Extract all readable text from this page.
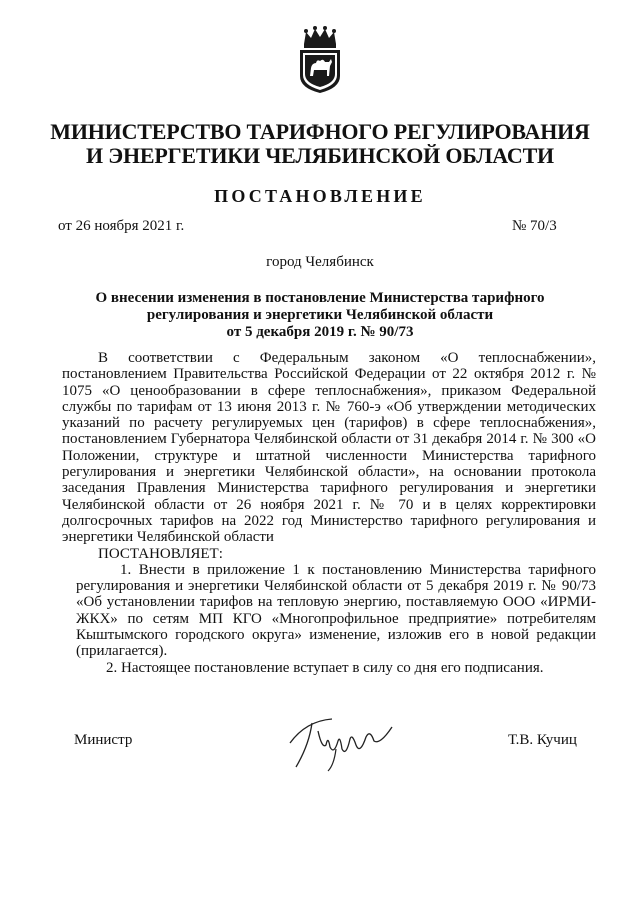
МИНИСТЕРСТВО ТАРИФНОГО РЕГУЛИРОВАНИЯ
И ЭНЕРГЕТИКИ ЧЕЛЯБИНСКОЙ ОБЛАСТИ
ПОСТАНОВЛЕНИЕ
от 26 ноября 2021 г.	№ 70/3
город Челябинск
О внесении изменения в постановление Министерства тарифного
регулирования и энергетики Челябинской области
от 5 декабря 2019 г. № 90/73

В соответствии с Федеральным законом «О теплоснабжении», постановлением Правительства Российской Федерации от 22 октября 2012 г. № 1075 «О ценообразовании в сфере теплоснабжения», приказом Федеральной службы по тарифам от 13 июня 2013 г. № 760-э «Об утверждении методических указаний по расчету регулируемых цен (тарифов) в сфере теплоснабжения», постановлением Губернатора Челябинской области от 31 декабря 2014 г. № 300 «О Положении, структуре и штатной численности Министерства тарифного регулирования и энергетики Челябинской области», на основании протокола заседания Правления Министерства тарифного регулирования и энергетики Челябинской области от 26 ноября 2021 г. № 70 и в целях корректировки долгосрочных тарифов на 2022 год Министерство тарифного регулирования и энергетики Челябинской области

ПОСТАНОВЛЯЕТ:

1. Внести в приложение 1 к постановлению Министерства тарифного регулирования и энергетики Челябинской области от 5 декабря 2019 г. № 90/73 «Об установлении тарифов на тепловую энергию, поставляемую ООО «ИРМИ-ЖКХ» по сетям МП КГО «Многопрофильное предприятие» потребителям Кыштымского городского округа» изменение, изложив его в новой редакции (прилагается).

2. Настоящее постановление вступает в силу со дня его подписания.

Министр	Т.В. Кучиц
